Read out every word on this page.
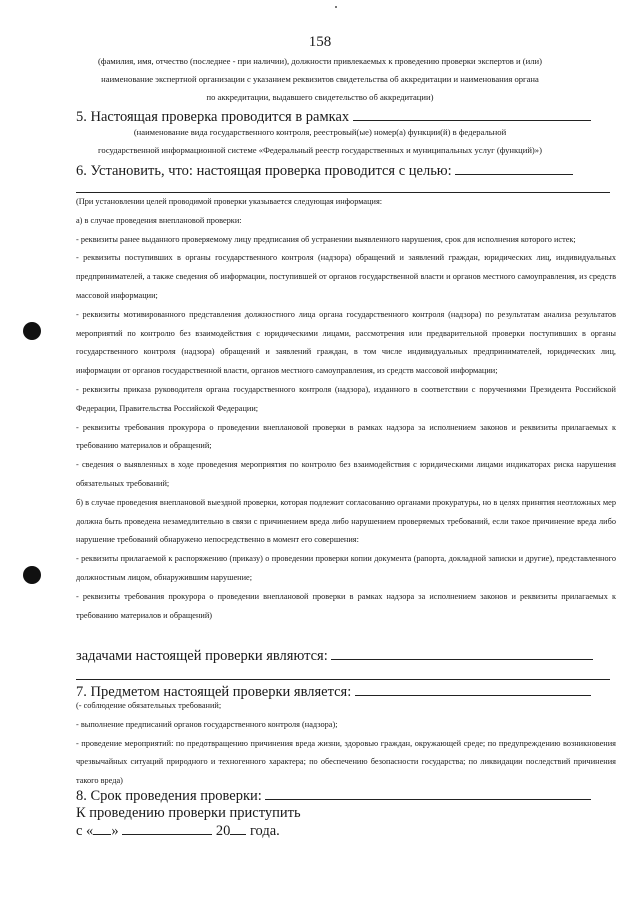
158
(фамилия, имя, отчество (последнее - при наличии), должности привлекаемых к проведению проверки экспертов и (или)
наименование экспертной организации с указанием реквизитов свидетельства об аккредитации и наименования органа
по аккредитации, выдавшего свидетельство об аккредитации)
5. Настоящая проверка проводится в рамках
(наименование вида государственного контроля, реестровый(ые) номер(а) функции(й) в федеральной
государственной информационной системе «Федеральный реестр государственных и муниципальных услуг (функций)»)
6. Установить, что: настоящая проверка проводится с целью:

(При установлении целей проводимой проверки указывается следующая информация:

а) в случае проведения внеплановой проверки:

- реквизиты ранее выданного проверяемому лицу предписания об устранении выявленного нарушения, срок для исполнения которого истек;

- реквизиты поступивших в органы государственного контроля (надзора) обращений и заявлений граждан, юридических лиц, индивидуальных предпринимателей, а также сведения об информации, поступившей от органов государственной власти и органов местного самоуправления, из средств массовой информации;

- реквизиты мотивированного представления должностного лица органа государственного контроля (надзора) по результатам анализа результатов мероприятий по контролю без взаимодействия с юридическими лицами, рассмотрения или предварительной проверки поступивших в органы государственного контроля (надзора) обращений и заявлений граждан, в том числе индивидуальных предпринимателей, юридических лиц, информации от органов государственной власти, органов местного самоуправления, из средств массовой информации;

- реквизиты приказа руководителя органа государственного контроля (надзора), изданного в соответствии с поручениями Президента Российской Федерации, Правительства Российской Федерации;

- реквизиты требования прокурора о проведении внеплановой проверки в рамках надзора за исполнением законов и реквизиты прилагаемых к требованию материалов и обращений;

- сведения о выявленных в ходе проведения мероприятия по контролю без взаимодействия с юридическими лицами индикаторах риска нарушения обязательных требований;

б) в случае проведения внеплановой выездной проверки, которая подлежит согласованию органами прокуратуры, но в целях принятия неотложных мер должна быть проведена незамедлительно в связи с причинением вреда либо нарушением проверяемых требований, если такое причинение вреда либо нарушение требований обнаружено непосредственно в момент его совершения:

- реквизиты прилагаемой к распоряжению (приказу) о проведении проверки копии документа (рапорта, докладной записки и другие), представленного должностным лицом, обнаружившим нарушение;

- реквизиты требования прокурора о проведении внеплановой проверки в рамках надзора за исполнением законов и реквизиты прилагаемых к требованию материалов и обращений)

задачами настоящей проверки являются:
7. Предметом настоящей проверки является:

(- соблюдение обязательных требований;

- выполнение предписаний органов государственного контроля (надзора);

- проведение мероприятий: по предотвращению причинения вреда жизни, здоровью граждан, окружающей среде; по предупреждению возникновения чрезвычайных ситуаций природного и техногенного характера; по обеспечению безопасности государства; по ликвидации последствий причинения такого вреда)

8. Срок проведения проверки:
К проведению проверки приступить
с « »	20 года.
